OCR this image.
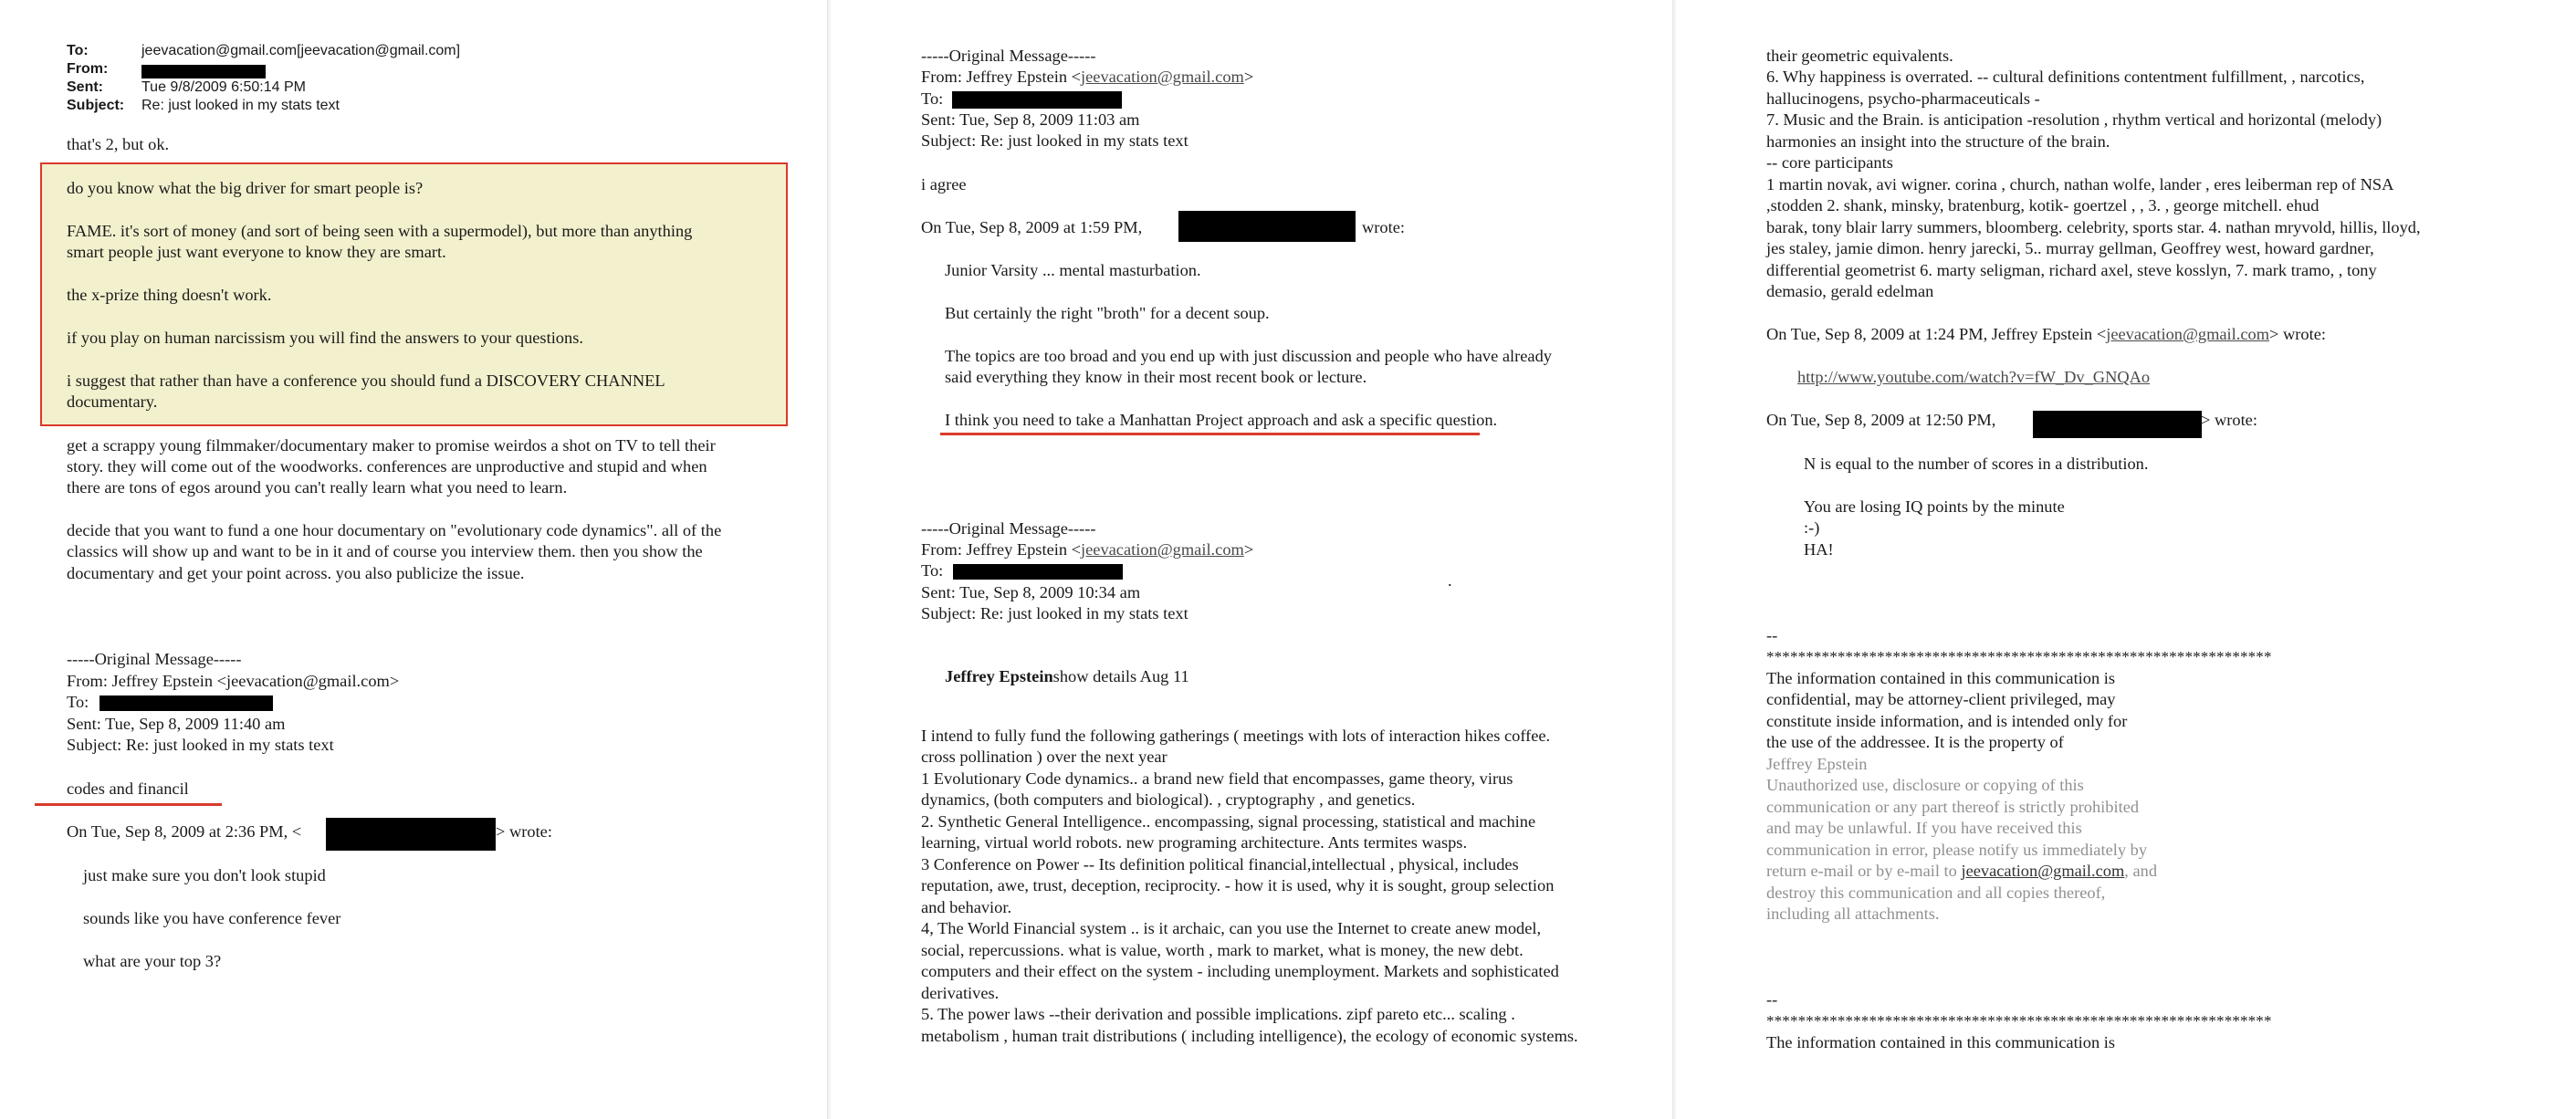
To:	jeevacation@gmail.com[jeevacation@gmail.com]
From:
Sent:	Tue 9/8/2009 6:50:14 PM
Subject: Re: just looked in my stats text
that's 2, but ok.
do you know what the big driver for smart people is?
FAME. it's sort of money (and sort of being seen with a supermodel), but more than anything
smart people just want everyone to know they are smart.
the x-prize thing doesn't work.
if you play on human narcissism you will find the answers to your questions.
i suggest that rather than have a conference you should fund a DISCOVERY CHANNEL
documentary.
get a scrappy young filmmaker/documentary maker to promise weirdos a shot on TV to tell their
story. they will come out of the woodworks. conferences are unproductive and stupid and when
there are tons of egos around you can't really learn what you need to learn.
decide that you want to fund a one hour documentary on "evolutionary code dynamics". all of the
classics will show up and want to be in it and of course you interview them. then you show the
documentary and get your point across. you also publicize the issue.
-----Original Message-----
From: Jeffrey Epstein <jeevacation@gmail.com>
To:
Sent: Tue, Sep 8, 2009 11:40 am
Subject: Re: just looked in my stats text
codes and financil
On Tue, Sep 8, 2009 at 2:36 PM, <	> wrote:
just make sure you don't look stupid
sounds like you have conference fever
what are your top 3?
-----Original Message-----
From: Jeffrey Epstein <jeevacation@gmail.com>
To:
Sent: Tue, Sep 8, 2009 11:03 am
Subject: Re: just looked in my stats text
i agree
On Tue, Sep 8, 2009 at 1:59 PM,	wrote:
Junior Varsity ... mental masturbation.
But certainly the right "broth" for a decent soup.
The topics are too broad and you end up with just discussion and people who have already
said everything they know in their most recent book or lecture.
I think you need to take a Manhattan Project approach and ask a specific question.
-----Original Message-----
From: Jeffrey Epstein <jeevacation@gmail.com>
To:
Sent: Tue, Sep 8, 2009 10:34 am
Subject: Re: just looked in my stats text
.
Jeffrey Epsteinshow details Aug 11
I intend to fully fund the following gatherings ( meetings with lots of interaction hikes coffee.
cross pollination ) over the next year
1 Evolutionary Code dynamics.. a brand new field that encompasses, game theory, virus
dynamics, (both computers and biological). , cryptography , and genetics.
2. Synthetic General Intelligence.. encompassing, signal processing, statistical and machine
learning, virtual world robots. new programing architecture. Ants termites wasps.
3 Conference on Power -- Its definition political financial,intellectual , physical, includes
reputation, awe, trust, deception, reciprocity. - how it is used, why it is sought, group selection
and behavior.
4, The World Financial system .. is it archaic, can you use the Internet to create anew model,
social, repercussions. what is value, worth , mark to market, what is money, the new debt.
computers and their effect on the system - including unemployment. Markets and sophisticated
derivatives.
5. The power laws --their derivation and possible implications. zipf pareto etc... scaling .
metabolism , human trait distributions ( including intelligence), the ecology of economic systems.
their geometric equivalents.
6. Why happiness is overrated. -- cultural definitions contentment fulfillment, , narcotics,
hallucinogens, psycho-pharmaceuticals -
7. Music and the Brain. is anticipation -resolution , rhythm vertical and horizontal (melody)
harmonies an insight into the structure of the brain.
-- core participants
1 martin novak, avi wigner. corina , church, nathan wolfe, lander , eres leiberman rep of NSA
,stodden 2. shank, minsky, bratenburg, kotik- goertzel , , 3. , george mitchell. ehud
barak, tony blair larry summers, bloomberg. celebrity, sports star. 4. nathan mryvold, hillis, lloyd,
jes staley, jamie dimon. henry jarecki, 5.. murray gellman, Geoffrey west, howard gardner,
differential geometrist 6. marty seligman, richard axel, steve kosslyn, 7. mark tramo, , tony
demasio, gerald edelman
On Tue, Sep 8, 2009 at 1:24 PM, Jeffrey Epstein <jeevacation@gmail.com> wrote:
http://www.youtube.com/watch?v=fW_Dv_GNQAo
On Tue, Sep 8, 2009 at 12:50 PM,	> wrote:
N is equal to the number of scores in a distribution.
You are losing IQ points by the minute
:-)
HA!
--
****************************************************************
The information contained in this communication is
confidential, may be attorney-client privileged, may
constitute inside information, and is intended only for
the use of the addressee. It is the property of
Jeffrey Epstein
Unauthorized use, disclosure or copying of this
communication or any part thereof is strictly prohibited
and may be unlawful. If you have received this
communication in error, please notify us immediately by
return e-mail or by e-mail to jeevacation@gmail.com, and
destroy this communication and all copies thereof,
including all attachments.
--
****************************************************************
The information contained in this communication is
